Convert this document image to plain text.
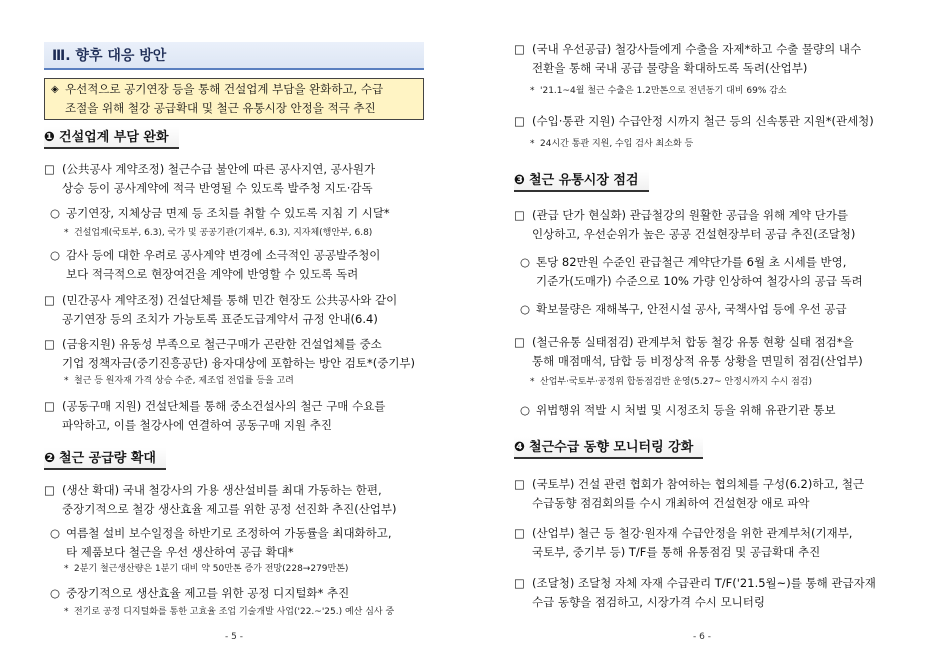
Ⅲ. 향후 대응 방안
◈ 우선적으로 공기연장 등을 통해 건설업계 부담을 완화하고, 수급
조절을 위해 철강 공급확대 및 철근 유통시장 안정을 적극 추진
❶ 건설업계 부담 완화
□ (公共공사 계약조정) 철근수급 불안에 따른 공사지연, 공사원가
상승 등이 공사계약에 적극 반영될 수 있도록 발주청 지도·감독
○ 공기연장, 지체상금 면제 등 조치를 취할 수 있도록 지침 기 시달*
* 건설업계(국토부, 6.3), 국가 및 공공기관(기재부, 6.3), 지자체(행안부, 6.8)
○ 감사 등에 대한 우려로 공사계약 변경에 소극적인 공공발주청이
보다 적극적으로 현장여건을 계약에 반영할 수 있도록 독려
□ (민간공사 계약조정) 건설단체를 통해 민간 현장도 公共공사와 같이
공기연장 등의 조치가 가능토록 표준도급계약서 규정 안내(6.4)
□ (금융지원) 유동성 부족으로 철근구매가 곤란한 건설업체를 중소
기업 정책자금(중기진흥공단) 융자대상에 포함하는 방안 검토*(중기부)
* 철근 등 원자재 가격 상승 수준, 제조업 전업률 등을 고려
□ (공동구매 지원) 건설단체를 통해 중소건설사의 철근 구매 수요를
파악하고, 이를 철강사에 연결하여 공동구매 지원 추진
❷ 철근 공급량 확대
□ (생산 확대) 국내 철강사의 가용 생산설비를 최대 가동하는 한편,
중장기적으로 철강 생산효율 제고를 위한 공정 선진화 추진(산업부)
○ 여름철 설비 보수일정을 하반기로 조정하여 가동률을 최대화하고,
타 제품보다 철근을 우선 생산하여 공급 확대*
* 2분기 철근생산량은 1분기 대비 약 50만톤 증가 전망(228→279만톤)
○ 중장기적으로 생산효율 제고를 위한 공정 디지털화* 추진
* 전기로 공정 디지털화를 통한 고효율 조업 기술개발 사업('22.~'25.) 예산 심사 중
- 5 -
□ (국내 우선공급) 철강사들에게 수출을 자제*하고 수출 물량의 내수
전환을 통해 국내 공급 물량을 확대하도록 독려(산업부)
* '21.1~4월 철근 수출은 1.2만톤으로 전년동기 대비 69% 감소
□ (수입·통관 지원) 수급안정 시까지 철근 등의 신속통관 지원*(관세청)
* 24시간 통관 지원, 수입 검사 최소화 등
❸ 철근 유통시장 점검
□ (관급 단가 현실화) 관급철강의 원활한 공급을 위해 계약 단가를
인상하고, 우선순위가 높은 공공 건설현장부터 공급 추진(조달청)
○ 톤당 82만원 수준인 관급철근 계약단가를 6월 초 시세를 반영,
기준가(도매가) 수준으로 10% 가량 인상하여 철강사의 공급 독려
○ 확보물량은 재해복구, 안전시설 공사, 국책사업 등에 우선 공급
□ (철근유통 실태점검) 관계부처 합동 철강 유통 현황 실태 점검*을
통해 매점매석, 담합 등 비정상적 유통 상황을 면밀히 점검(산업부)
* 산업부·국토부·공정위 합동점검반 운영(5.27~ 안정시까지 수시 점검)
○ 위법행위 적발 시 처벌 및 시정조치 등을 위해 유관기관 통보
❹ 철근수급 동향 모니터링 강화
□ (국토부) 건설 관련 협회가 참여하는 협의체를 구성(6.2)하고, 철근
수급동향 점검회의를 수시 개최하여 건설현장 애로 파악
□ (산업부) 철근 등 철강·원자재 수급안정을 위한 관계부처(기재부,
국토부, 중기부 등) T/F를 통해 유통점검 및 공급확대 추진
□ (조달청) 조달청 자체 자재 수급관리 T/F('21.5월~)를 통해 관급자재
수급 동향을 점검하고, 시장가격 수시 모니터링
- 6 -
